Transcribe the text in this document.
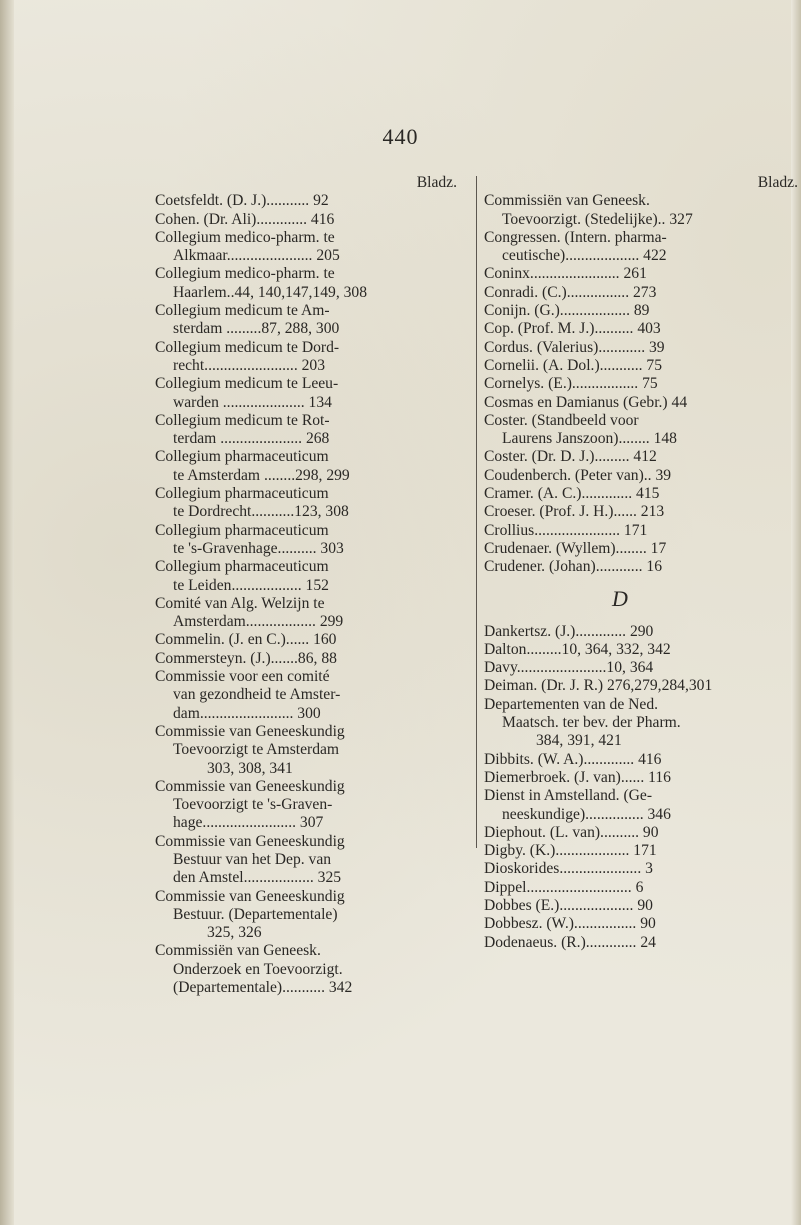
440
Bladz.
Coetsfeldt. (D. J.)........... 92
Cohen. (Dr. Ali)............. 416
Collegium medico-pharm. te
Alkmaar...................... 205
Collegium medico-pharm. te
Haarlem..44, 140,147,149, 308
Collegium medicum te Am-
sterdam .........87, 288, 300
Collegium medicum te Dord-
recht........................ 203
Collegium medicum te Leeu-
warden ..................... 134
Collegium medicum te Rot-
terdam ..................... 268
Collegium pharmaceuticum
te Amsterdam ........298, 299
Collegium pharmaceuticum
te Dordrecht...........123, 308
Collegium pharmaceuticum
te 's-Gravenhage.......... 303
Collegium pharmaceuticum
te Leiden.................. 152
Comité van Alg. Welzijn te
Amsterdam.................. 299
Commelin. (J. en C.)...... 160
Commersteyn. (J.).......86, 88
Commissie voor een comité
van gezondheid te Amster-
dam........................ 300
Commissie van Geneeskundig
Toevoorzigt te Amsterdam
303, 308, 341
Commissie van Geneeskundig
Toevoorzigt te 's-Graven-
hage........................ 307
Commissie van Geneeskundig
Bestuur van het Dep. van
den Amstel.................. 325
Commissie van Geneeskundig
Bestuur. (Departementale)
325, 326
Commissiën van Geneesk.
Onderzoek en Toevoorzigt.
(Departementale)........... 342
Bladz.
Commissiën van Geneesk.
Toevoorzigt. (Stedelijke).. 327
Congressen. (Intern. pharma-
ceutische)................... 422
Coninx....................... 261
Conradi. (C.)................ 273
Conijn. (G.).................. 89
Cop. (Prof. M. J.).......... 403
Cordus. (Valerius)............ 39
Cornelii. (A. Dol.)........... 75
Cornelys. (E.)................. 75
Cosmas en Damianus (Gebr.) 44
Coster. (Standbeeld voor
Laurens Janszoon)........ 148
Coster. (Dr. D. J.)......... 412
Coudenberch. (Peter van).. 39
Cramer. (A. C.)............. 415
Croeser. (Prof. J. H.)...... 213
Crollius...................... 171
Crudenaer. (Wyllem)........ 17
Crudener. (Johan)............ 16
D
Dankertsz. (J.)............. 290
Dalton.........10, 364, 332, 342
Davy.......................10, 364
Deiman. (Dr. J. R.) 276,279,284,301
Departementen van de Ned.
Maatsch. ter bev. der Pharm.
384, 391, 421
Dibbits. (W. A.)............. 416
Diemerbroek. (J. van)...... 116
Dienst in Amstelland. (Ge-
neeskundige)............... 346
Diephout. (L. van).......... 90
Digby. (K.)................... 171
Dioskorides..................... 3
Dippel........................... 6
Dobbes (E.)................... 90
Dobbesz. (W.)................ 90
Dodenaeus. (R.)............. 24
